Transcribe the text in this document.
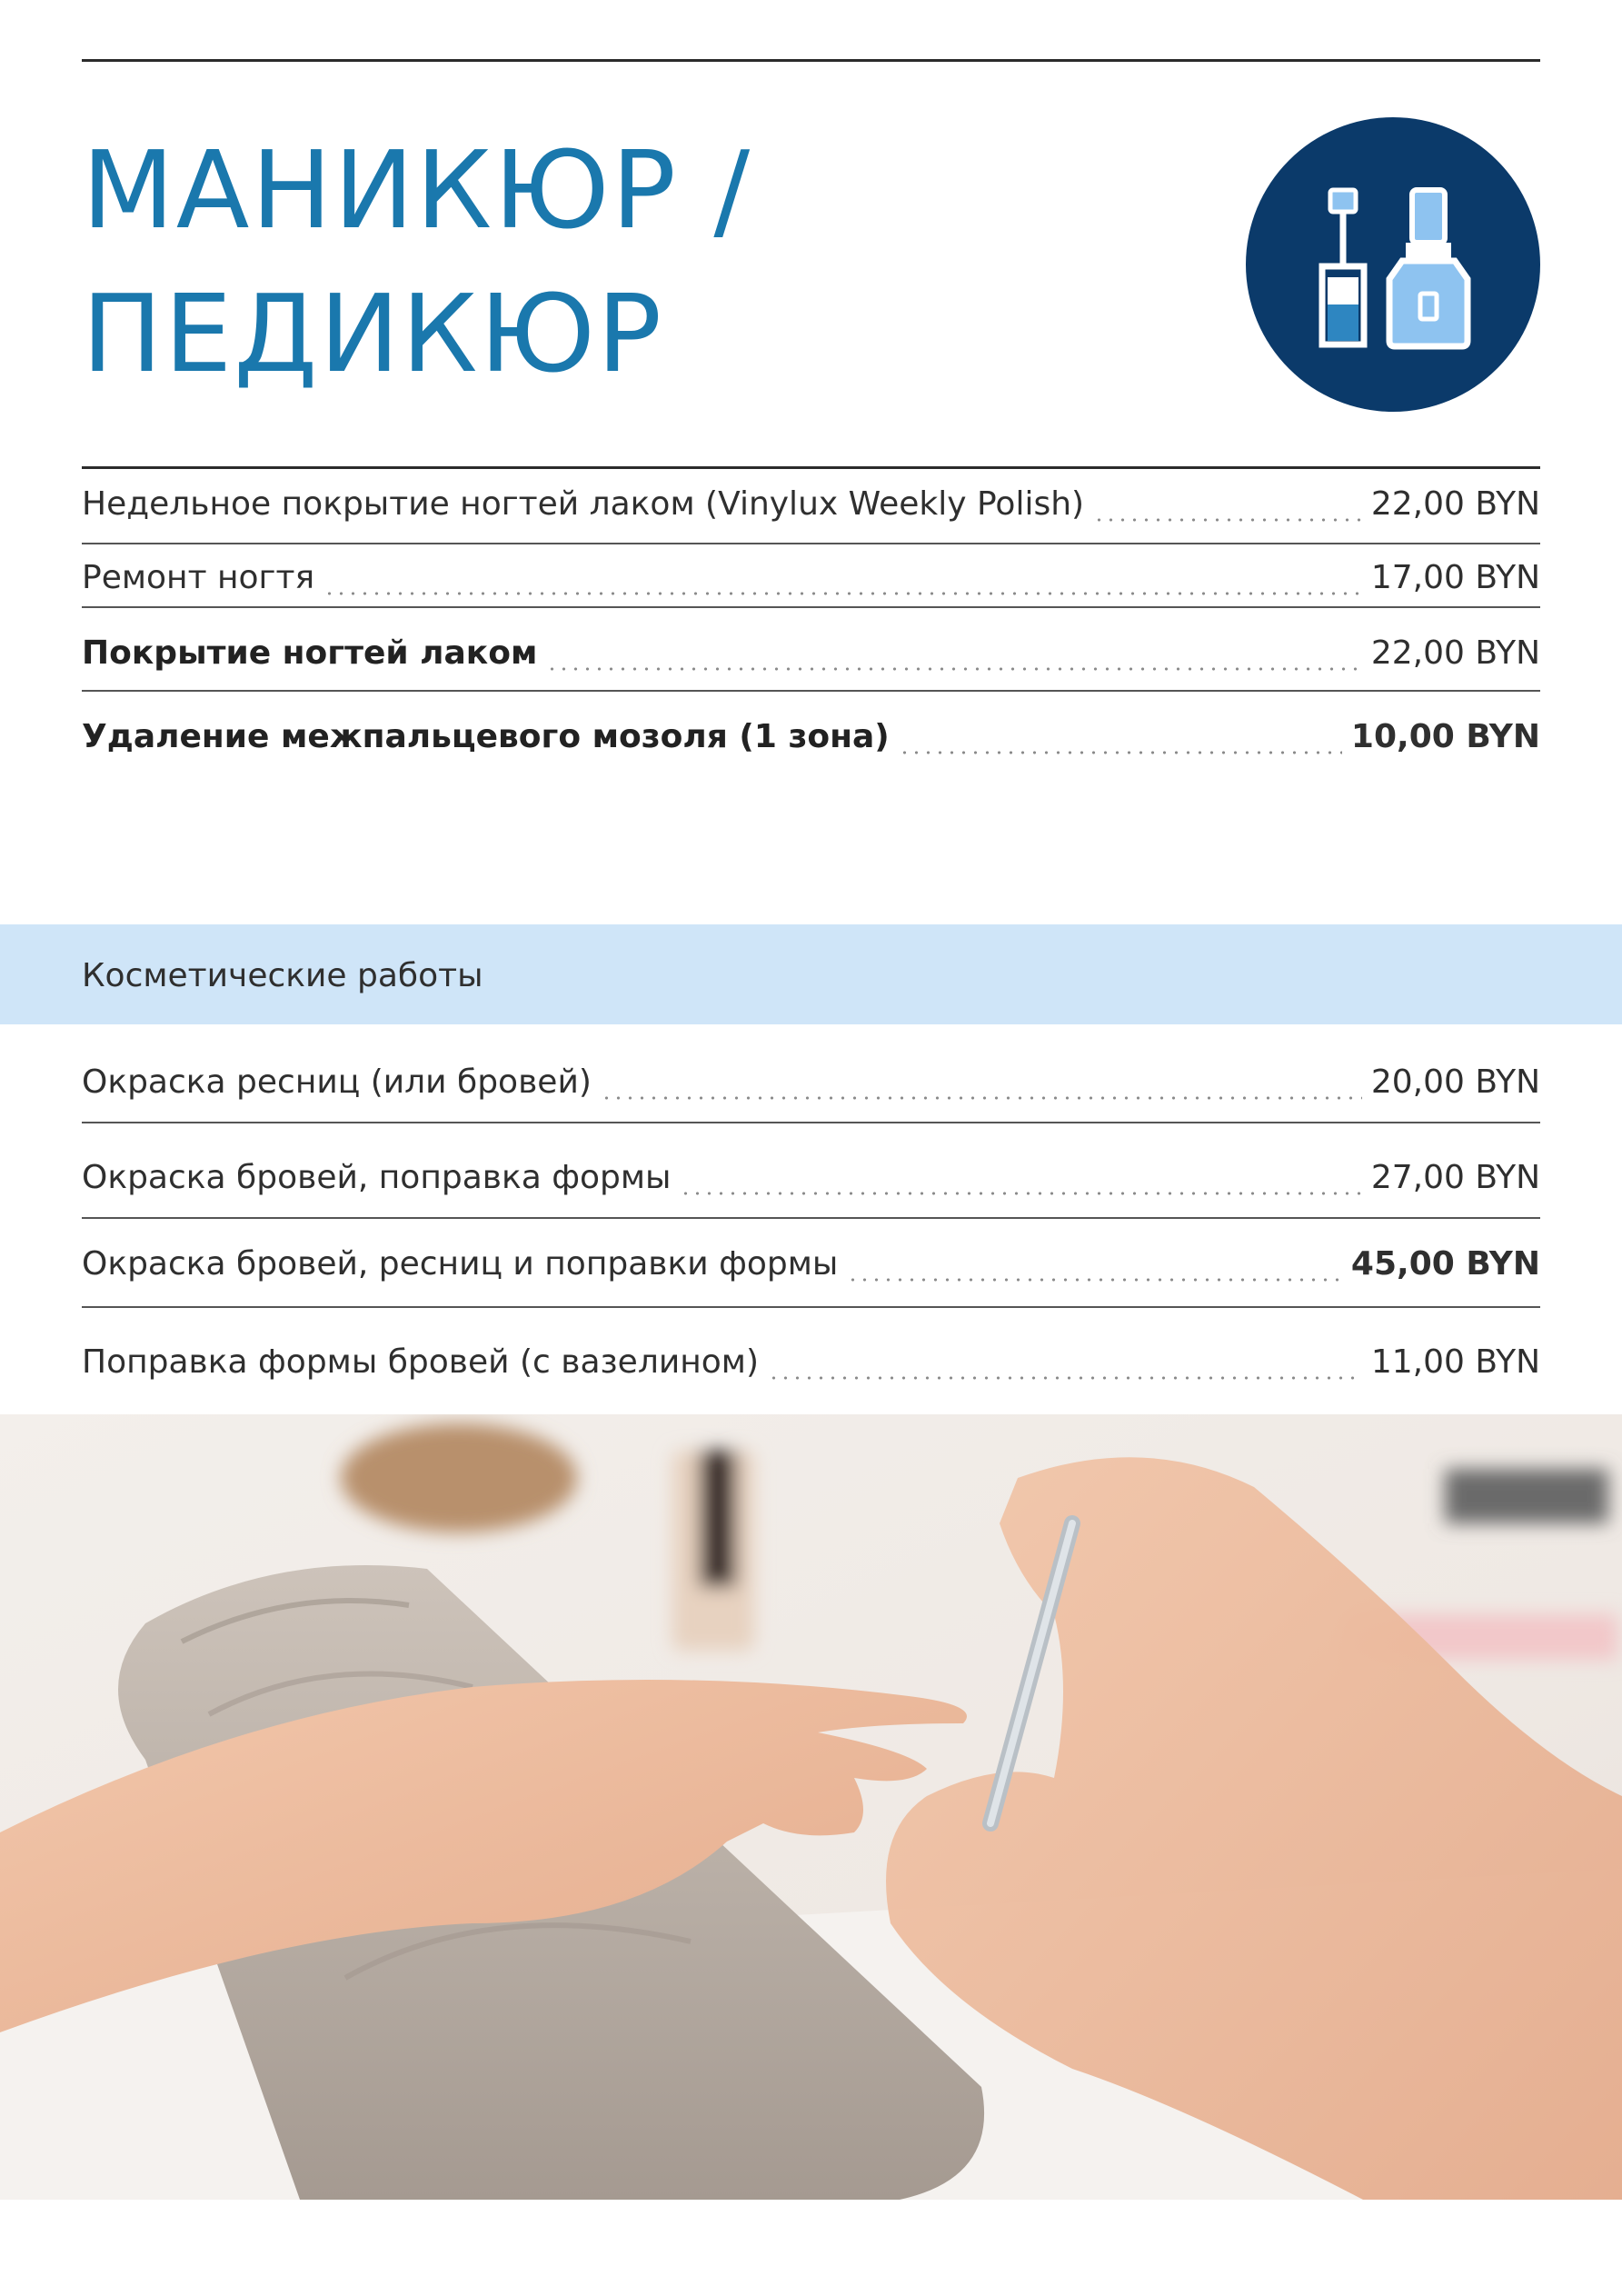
МАНИКЮР /
ПЕДИКЮР
Недельное покрытие ногтей лаком (Vinylux Weekly Polish)	22,00 BYN
Ремонт ногтя	17,00 BYN
Покрытие ногтей лаком	22,00 BYN
Удаление межпальцевого мозоля (1 зона)	10,00 BYN
Косметические работы
Окраска ресниц (или бровей)	20,00 BYN
Окраска бровей, поправка формы	27,00 BYN
Окраска бровей, ресниц и поправки формы	45,00 BYN
Поправка формы бровей (с вазелином)	11,00 BYN
